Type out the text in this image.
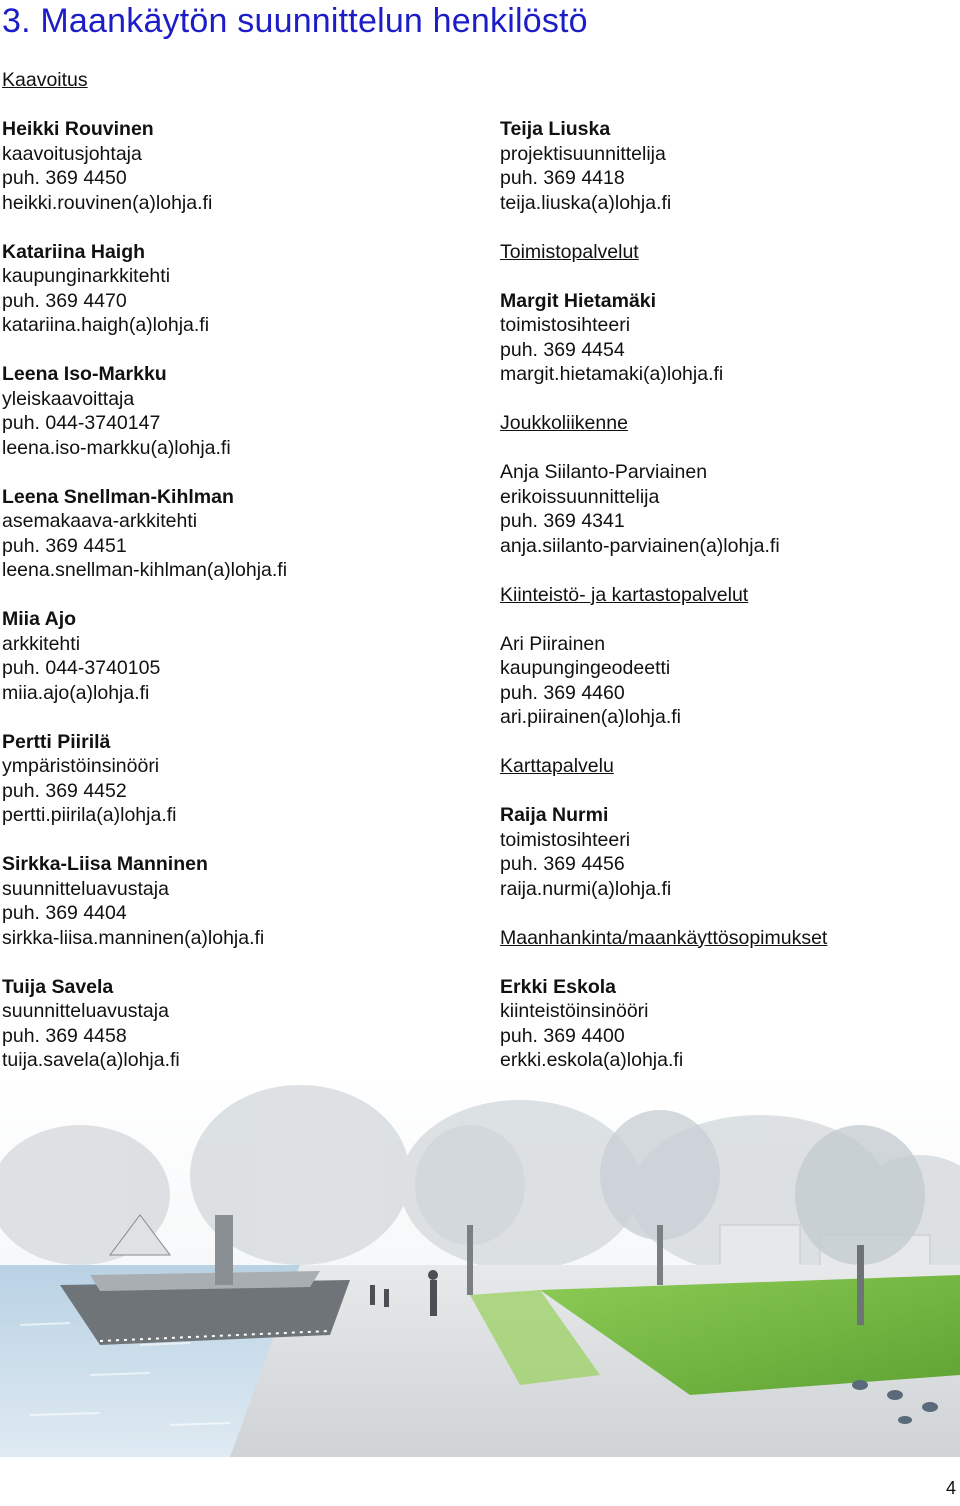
3. Maankäytön suunnittelun henkilöstö
Kaavoitus
Heikki Rouvinen
kaavoitusjohtaja
puh. 369 4450
heikki.rouvinen(a)lohja.fi
Katariina Haigh
kaupunginarkkitehti
puh. 369 4470
katariina.haigh(a)lohja.fi
Leena Iso-Markku
yleiskaavoittaja
puh. 044-3740147
leena.iso-markku(a)lohja.fi
Leena Snellman-Kihlman
asemakaava-arkkitehti
puh. 369 4451
leena.snellman-kihlman(a)lohja.fi
Miia Ajo
arkkitehti
puh. 044-3740105
miia.ajo(a)lohja.fi
Pertti Piirilä
ympäristöinsinööri
puh. 369 4452
pertti.piirila(a)lohja.fi
Sirkka-Liisa Manninen
suunnitteluavustaja
puh. 369 4404
sirkka-liisa.manninen(a)lohja.fi
Tuija Savela
suunnitteluavustaja
puh. 369 4458
tuija.savela(a)lohja.fi
Teija Liuska
projektisuunnittelija
puh. 369 4418
teija.liuska(a)lohja.fi
Toimistopalvelut
Margit Hietamäki
toimistosihteeri
puh. 369 4454
margit.hietamaki(a)lohja.fi
Joukkoliikenne
Anja Siilanto-Parviainen
erikoissuunnittelija
puh. 369 4341
anja.siilanto-parviainen(a)lohja.fi
Kiinteistö- ja kartastopalvelut
Ari Piirainen
kaupungingeodeetti
puh. 369 4460
ari.piirainen(a)lohja.fi
Karttapalvelu
Raija Nurmi
toimistosihteeri
puh. 369 4456
raija.nurmi(a)lohja.fi
Maanhankinta/maankäyttösopimukset
Erkki Eskola
kiinteistöinsinööri
puh. 369 4400
erkki.eskola(a)lohja.fi
4
